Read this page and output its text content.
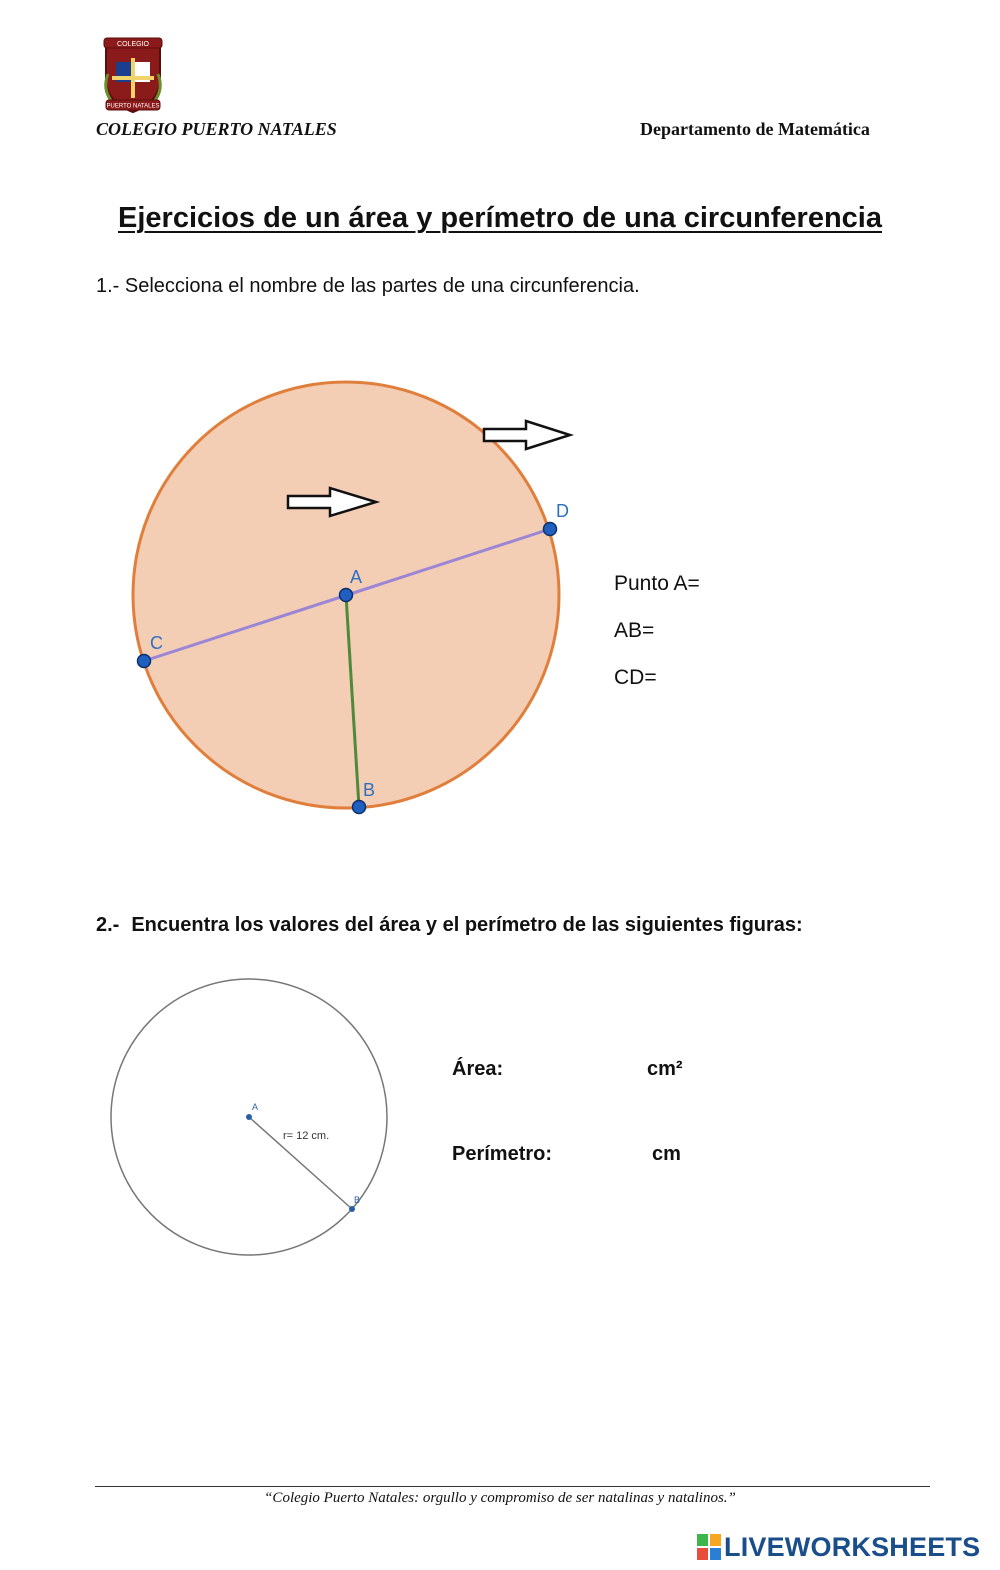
COLEGIO
PUERTO NATALES
COLEGIO PUERTO NATALES	Departamento de Matemática
Ejercicios de un área y perímetro de una circunferencia
1.- Selecciona el nombre de las partes de una circunferencia.
A
B
C
D
Punto A=
AB=
CD=
2.- Encuentra los valores del área y el perímetro de las siguientes figuras:
A
B
r= 12 cm.
Área:	cm²
Perímetro:	cm
“Colegio Puerto Natales: orgullo y compromiso de ser natalinas y natalinos.”
LIVEWORKSHEETS
